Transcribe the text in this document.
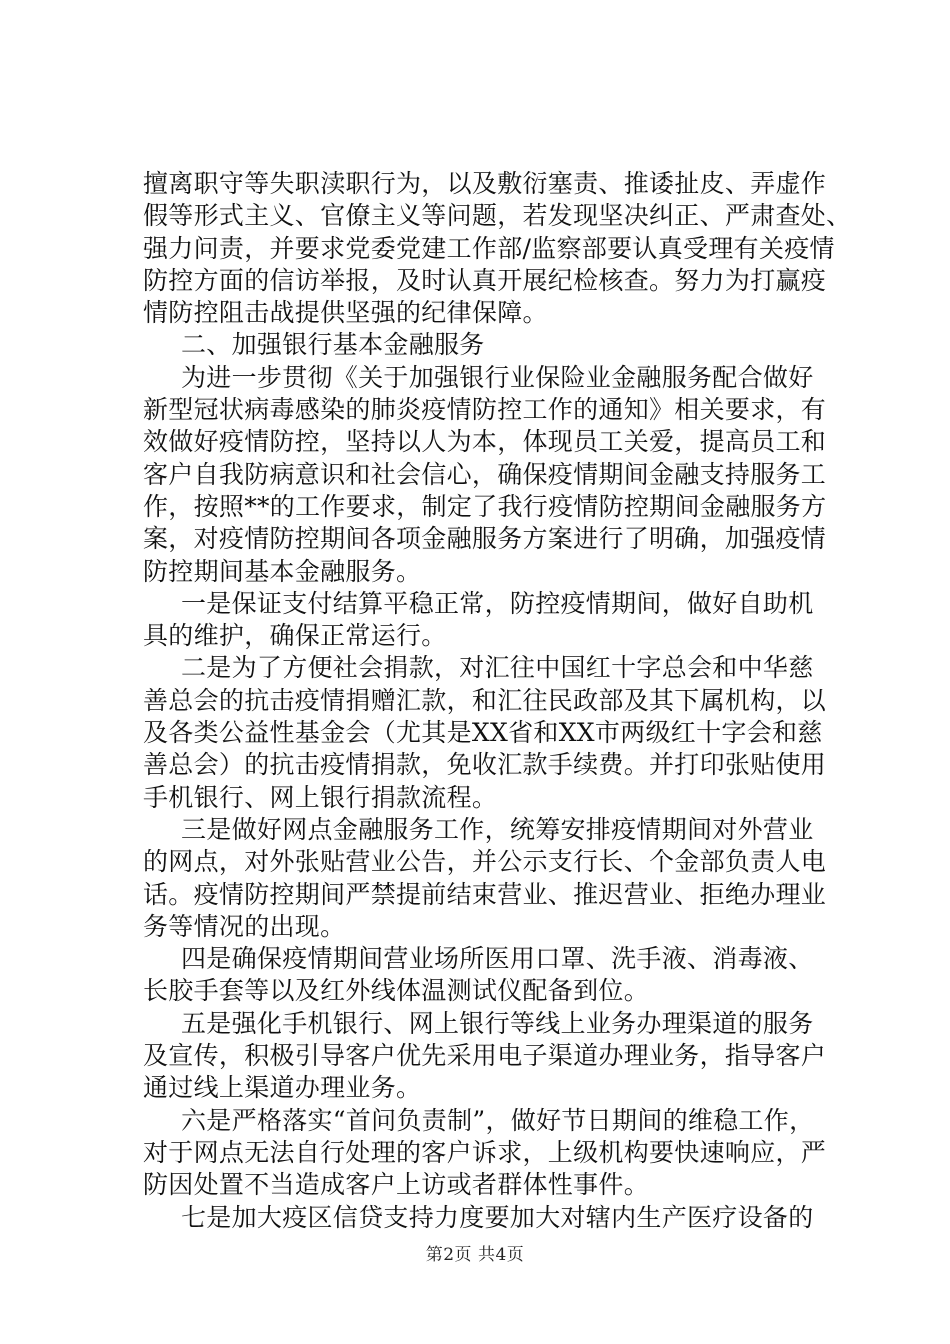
擅离职守等失职渎职行为，以及敷衍塞责、推诿扯皮、弄虚作
假等形式主义、官僚主义等问题，若发现坚决纠正、严肃查处、
强力问责，并要求党委党建工作部/监察部要认真受理有关疫情
防控方面的信访举报，及时认真开展纪检核查。努力为打赢疫
情防控阻击战提供坚强的纪律保障。
二、加强银行基本金融服务
为进一步贯彻《关于加强银行业保险业金融服务配合做好
新型冠状病毒感染的肺炎疫情防控工作的通知》相关要求，有
效做好疫情防控，坚持以人为本，体现员工关爱，提高员工和
客户自我防病意识和社会信心，确保疫情期间金融支持服务工
作，按照**的工作要求，制定了我行疫情防控期间金融服务方
案，对疫情防控期间各项金融服务方案进行了明确，加强疫情
防控期间基本金融服务。
一是保证支付结算平稳正常，防控疫情期间，做好自助机
具的维护，确保正常运行。
二是为了方便社会捐款，对汇往中国红十字总会和中华慈
善总会的抗击疫情捐赠汇款，和汇往民政部及其下属机构，以
及各类公益性基金会（尤其是XX省和XX市两级红十字会和慈
善总会）的抗击疫情捐款，免收汇款手续费。并打印张贴使用
手机银行、网上银行捐款流程。
三是做好网点金融服务工作，统筹安排疫情期间对外营业
的网点，对外张贴营业公告，并公示支行长、个金部负责人电
话。疫情防控期间严禁提前结束营业、推迟营业、拒绝办理业
务等情况的出现。
四是确保疫情期间营业场所医用口罩、洗手液、消毒液、
长胶手套等以及红外线体温测试仪配备到位。
五是强化手机银行、网上银行等线上业务办理渠道的服务
及宣传，积极引导客户优先采用电子渠道办理业务，指导客户
通过线上渠道办理业务。
六是严格落实“首问负责制”，做好节日期间的维稳工作，
对于网点无法自行处理的客户诉求，上级机构要快速响应，严
防因处置不当造成客户上访或者群体性事件。
七是加大疫区信贷支持力度要加大对辖内生产医疗设备的
第2页 共4页
